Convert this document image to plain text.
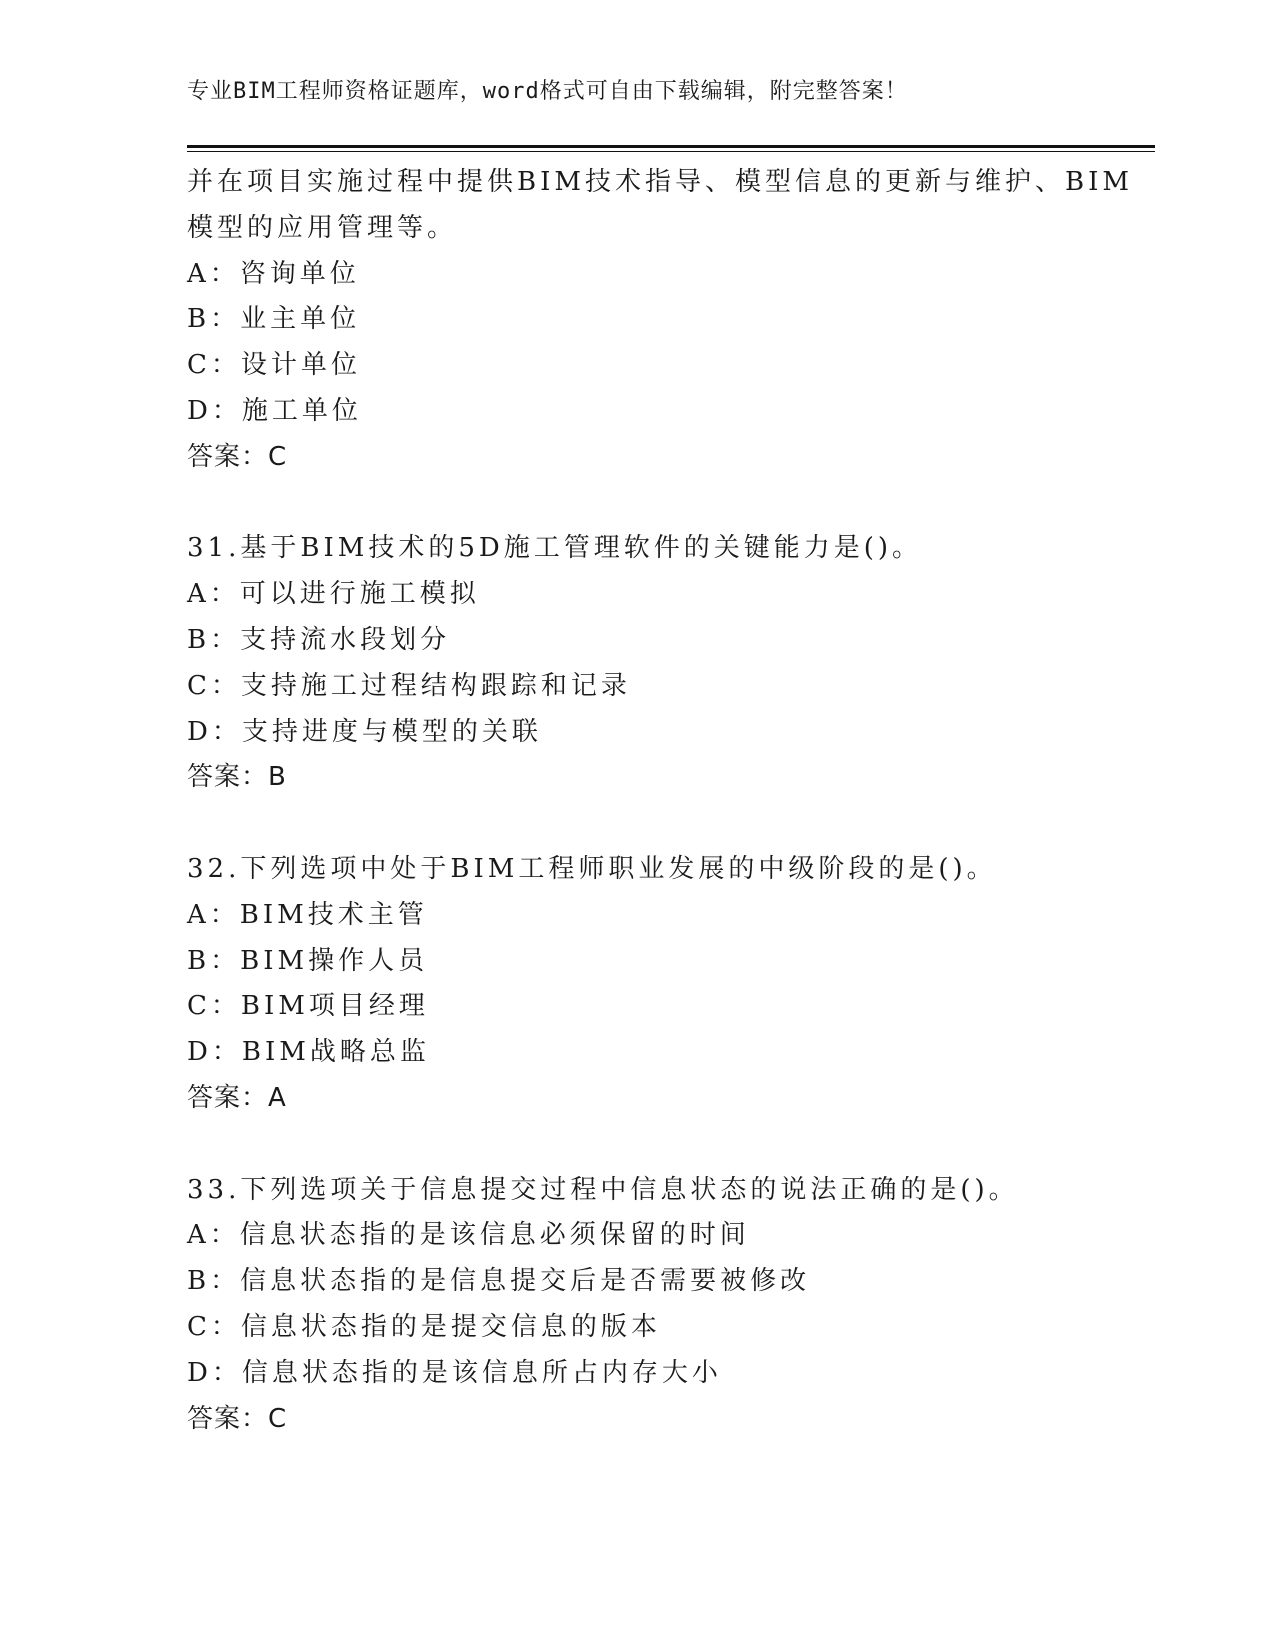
专业BIM工程师资格证题库，word格式可自由下载编辑，附完整答案！
并在项目实施过程中提供BIM技术指导、模型信息的更新与维护、BIM
模型的应用管理等。
A：咨询单位
B：业主单位
C：设计单位
D：施工单位
答案：C
31.基于BIM技术的5D施工管理软件的关键能力是()。
A：可以进行施工模拟
B：支持流水段划分
C：支持施工过程结构跟踪和记录
D：支持进度与模型的关联
答案：B
32.下列选项中处于BIM工程师职业发展的中级阶段的是()。
A：BIM技术主管
B：BIM操作人员
C：BIM项目经理
D：BIM战略总监
答案：A
33.下列选项关于信息提交过程中信息状态的说法正确的是()。
A：信息状态指的是该信息必须保留的时间
B：信息状态指的是信息提交后是否需要被修改
C：信息状态指的是提交信息的版本
D：信息状态指的是该信息所占内存大小
答案：C
